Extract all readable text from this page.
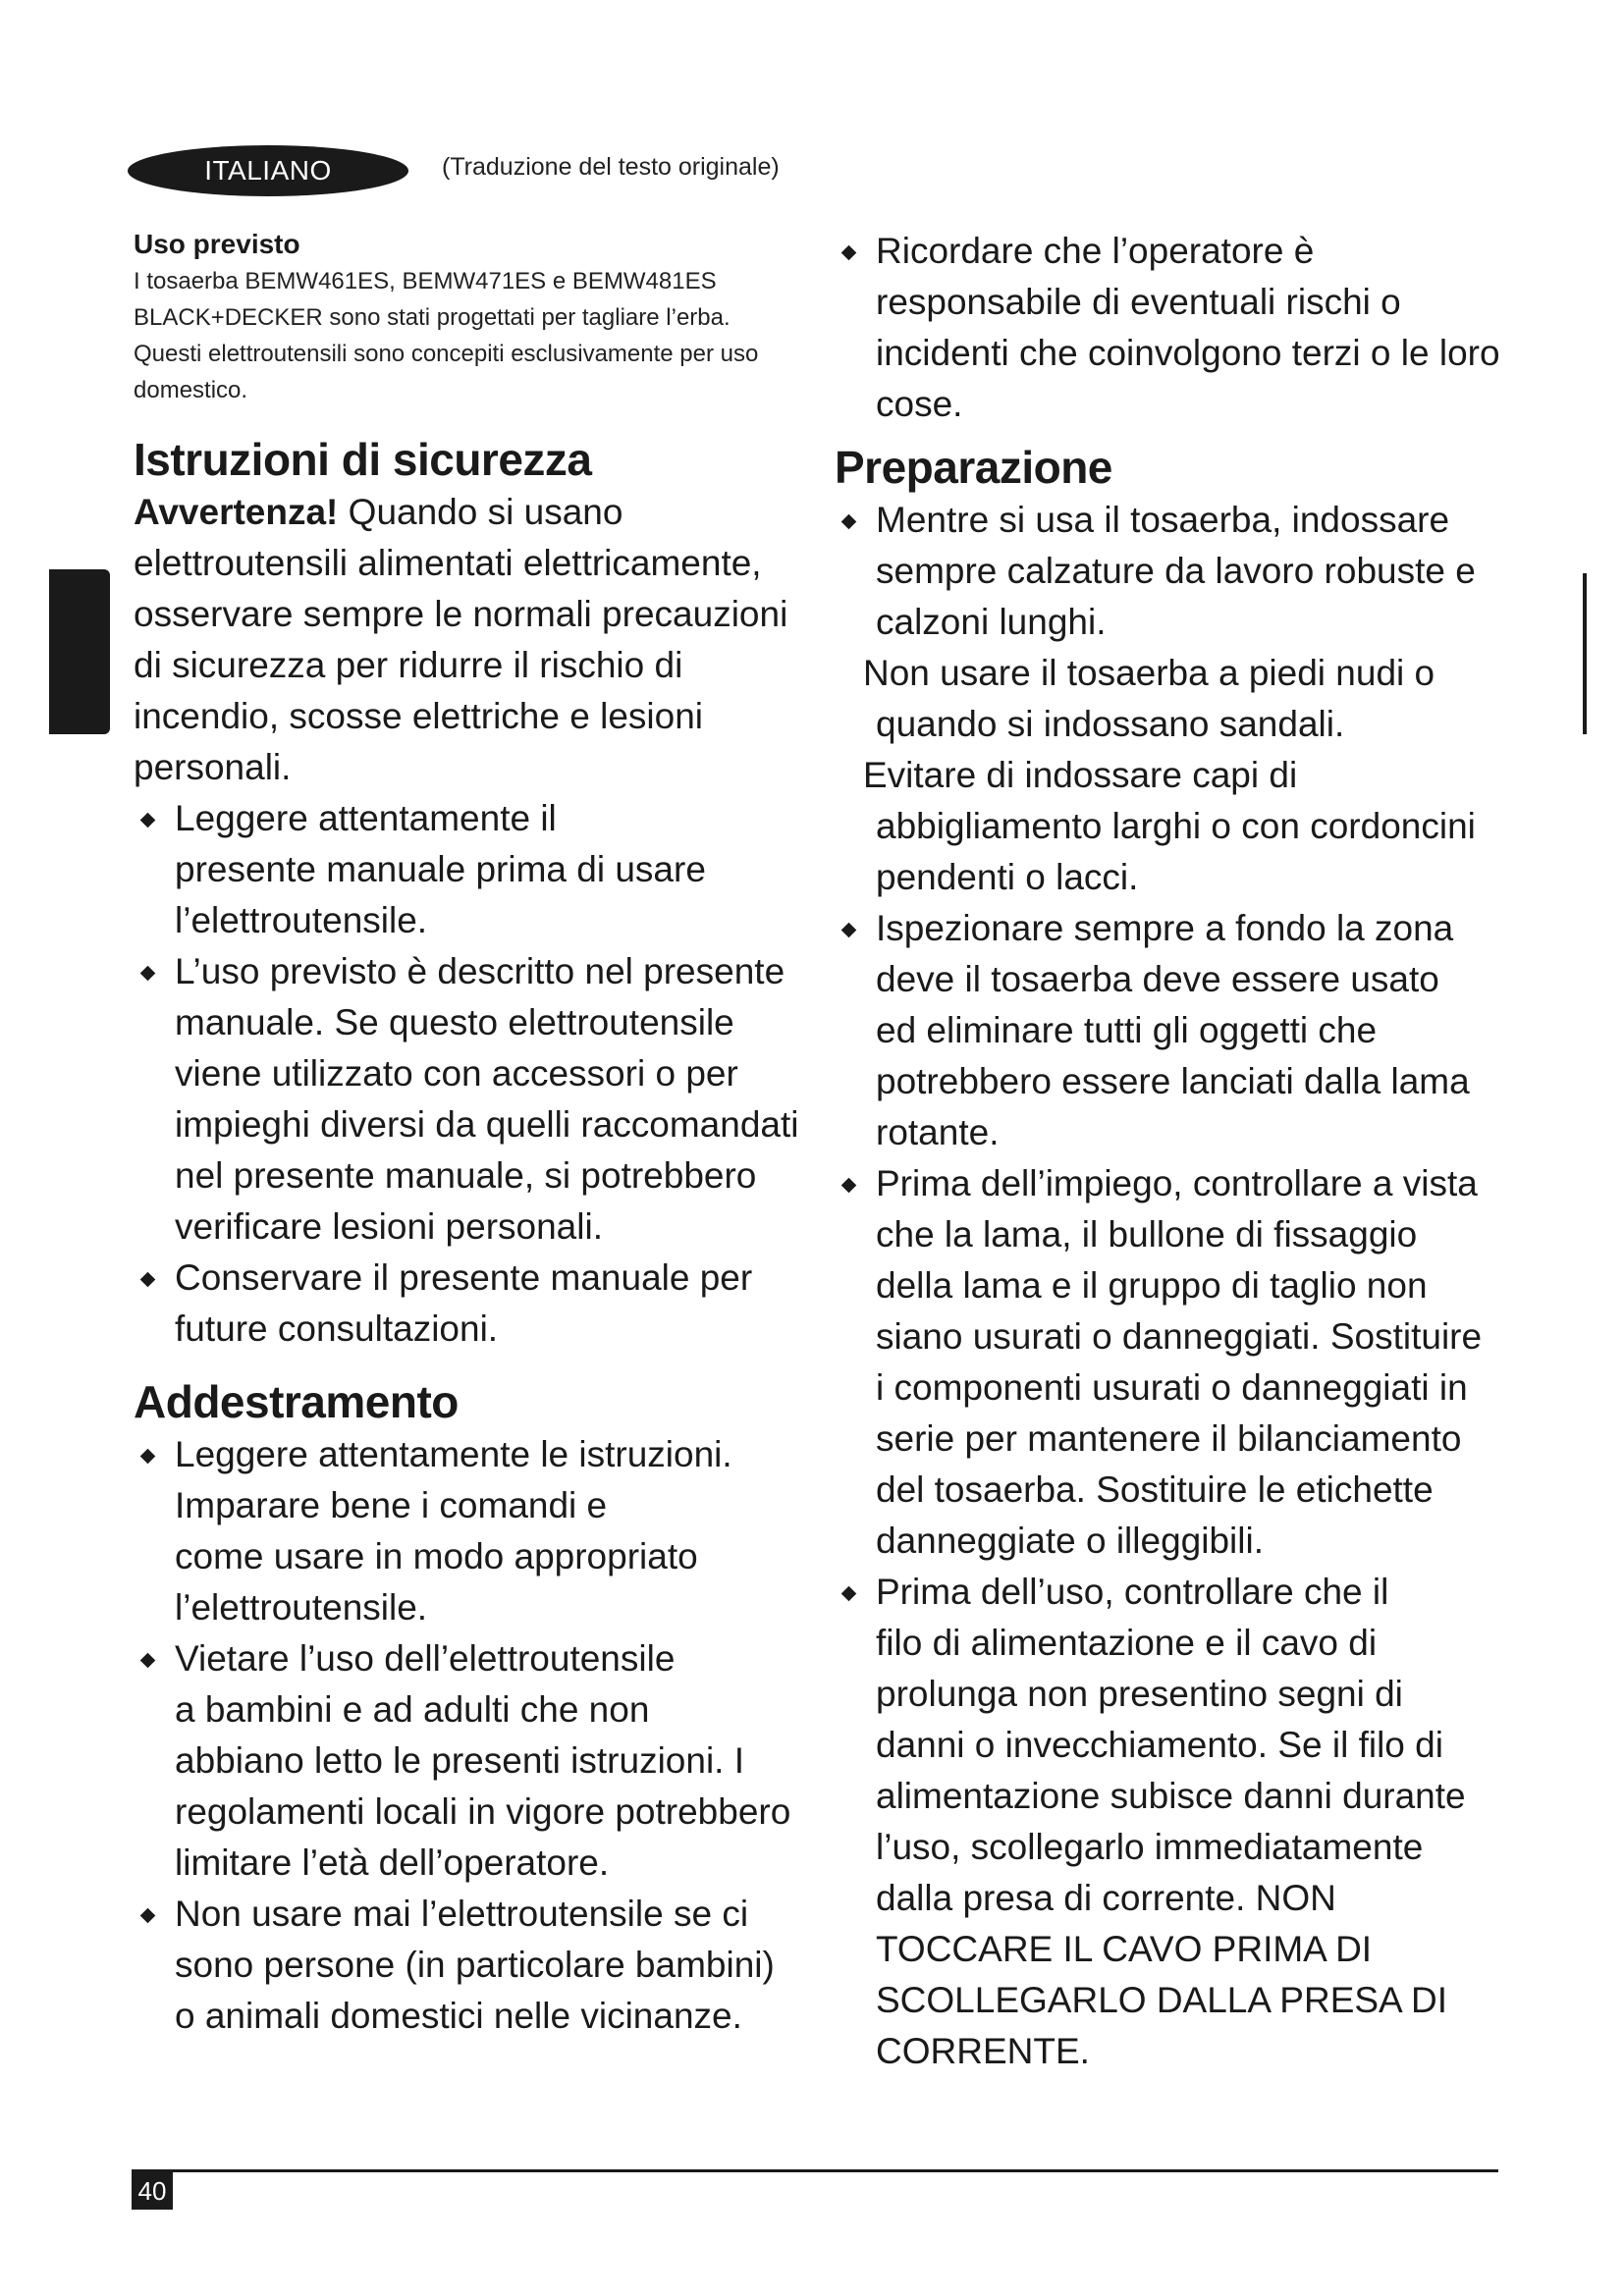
ITALIANO	(Traduzione del testo originale)
Uso previsto
I tosaerba BEMW461ES, BEMW471ES e BEMW481ES
BLACK+DECKER sono stati progettati per tagliare l’erba.
Questi elettroutensili sono concepiti esclusivamente per uso
domestico.
Istruzioni di sicurezza
Avvertenza! Quando si usano
elettroutensili alimentati elettricamente,
osservare sempre le normali precauzioni
di sicurezza per ridurre il rischio di
incendio, scosse elettriche e lesioni
personali.
Leggere attentamente il
presente manuale prima di usare
l’elettroutensile.
L’uso previsto è descritto nel presente
manuale. Se questo elettroutensile
viene utilizzato con accessori o per
impieghi diversi da quelli raccomandati
nel presente manuale, si potrebbero
verificare lesioni personali.
Conservare il presente manuale per
future consultazioni.
Addestramento
Leggere attentamente le istruzioni.
Imparare bene i comandi e
come usare in modo appropriato
l’elettroutensile.
Vietare l’uso dell’elettroutensile
a bambini e ad adulti che non
abbiano letto le presenti istruzioni. I
regolamenti locali in vigore potrebbero
limitare l’età dell’operatore.
Non usare mai l’elettroutensile se ci
sono persone (in particolare bambini)
o animali domestici nelle vicinanze.
Ricordare che l’operatore è
responsabile di eventuali rischi o
incidenti che coinvolgono terzi o le loro
cose.
Preparazione
Mentre si usa il tosaerba, indossare
sempre calzature da lavoro robuste e
calzoni lunghi.
Non usare il tosaerba a piedi nudi o
quando si indossano sandali.
Evitare di indossare capi di
abbigliamento larghi o con cordoncini
pendenti o lacci.
Ispezionare sempre a fondo la zona
deve il tosaerba deve essere usato
ed eliminare tutti gli oggetti che
potrebbero essere lanciati dalla lama
rotante.
Prima dell’impiego, controllare a vista
che la lama, il bullone di fissaggio
della lama e il gruppo di taglio non
siano usurati o danneggiati. Sostituire
i componenti usurati o danneggiati in
serie per mantenere il bilanciamento
del tosaerba. Sostituire le etichette
danneggiate o illeggibili.
Prima dell’uso, controllare che il
filo di alimentazione e il cavo di
prolunga non presentino segni di
danni o invecchiamento. Se il filo di
alimentazione subisce danni durante
l’uso, scollegarlo immediatamente
dalla presa di corrente. NON
TOCCARE IL CAVO PRIMA DI
SCOLLEGARLO DALLA PRESA DI
CORRENTE.
40
